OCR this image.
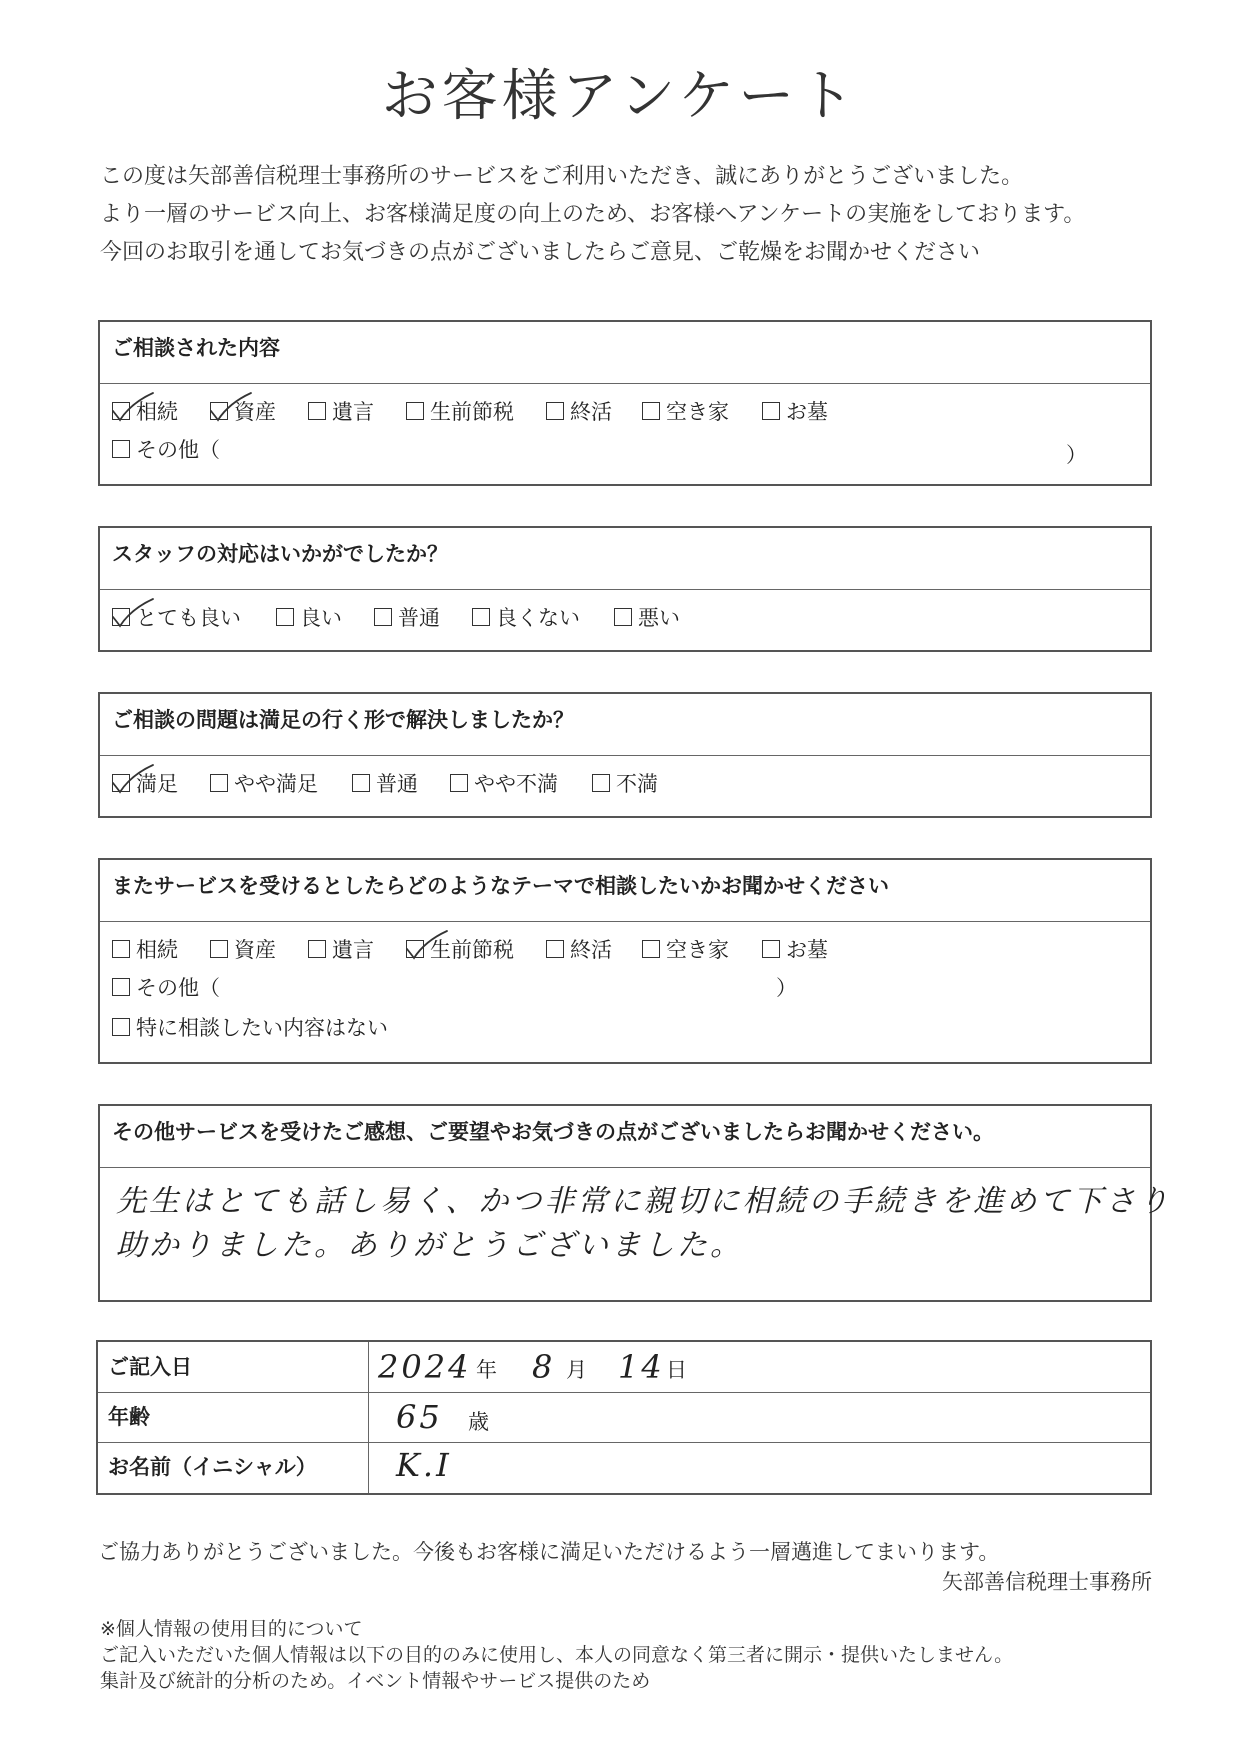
お客様アンケート
この度は矢部善信税理士事務所のサービスをご利用いただき、誠にありがとうございました。
より一層のサービス向上、お客様満足度の向上のため、お客様へアンケートの実施をしております。
今回のお取引を通してお気づきの点がございましたらご意見、ご乾燥をお聞かせください
ご相談された内容
相続	資産	遺言	生前節税	終活	空き家	お墓
その他（	）
スタッフの対応はいかがでしたか？
とても良い	良い	普通	良くない	悪い
ご相談の問題は満足の行く形で解決しましたか？
満足	やや満足	普通	やや不満	不満
またサービスを受けるとしたらどのようなテーマで相談したいかお聞かせください
相続	資産	遺言	生前節税	終活	空き家	お墓
その他（	）
特に相談したい内容はない
その他サービスを受けたご感想、ご要望やお気づきの点がございましたらお聞かせください。
先生はとても話し易く、かつ非常に親切に相続の手続きを進めて下さり
助かりました。ありがとうございました。
ご記入日	2024 年 8 月 14 日
年齢	65 歳
お名前（イニシャル） K.I
ご協力ありがとうございました。今後もお客様に満足いただけるよう一層邁進してまいります。
矢部善信税理士事務所
※個人情報の使用目的について
ご記入いただいた個人情報は以下の目的のみに使用し、本人の同意なく第三者に開示・提供いたしません。
集計及び統計的分析のため。イベント情報やサービス提供のため
